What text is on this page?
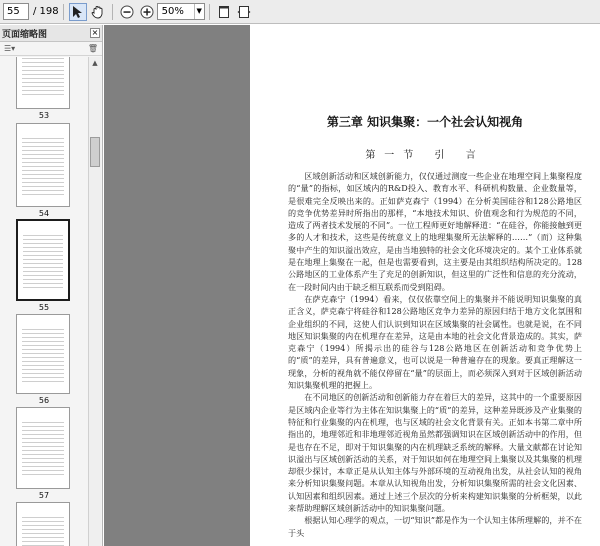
55	/ 198	50%	▼
页面缩略图	×
☰▾	🗑
53
54
55
56
57
▲
第三章 知识集聚：一个社会认知视角
第一节 引 言

区域创新活动和区域创新能力，仅仅通过测度一些企业在地理空间上集聚程度的“量”的指标，如区域内的R&D投入、教育水平、科研机构数量、企业数量等，是很难完全反映出来的。正如萨克森宁（1994）在分析美国硅谷和128公路地区的竞争优势差异时所指出的那样，“本地技术知识、价值观念和行为规范的不同，造成了两者技术发展的不同”。一位工程师更好地解释道：“在硅谷，你能接触到更多的人才和技术，这些是传统意义上的地理集聚所无法解释的……”（而）这种集聚中产生的知识溢出效应，是由当地独特的社会文化环境决定的。某个工业体系就是在地理上集聚在一起，但是也需要看到，这主要是由其组织结构所决定的。128公路地区的工业体系产生了充足的创新知识，但这里的广泛性和信息的充分流动，在一段时间内由于缺乏相互联系而受到阻碍。

在萨克森宁（1994）看来，仅仅依靠空间上的集聚并不能说明知识集聚的真正含义，萨克森宁将硅谷和128公路地区竞争力差异的原因归结于地方文化氛围和企业组织的不同，这使人们认识到知识在区域集聚的社会属性。也就是说，在不同地区知识集聚的内在机理存在差异，这是由本地的社会文化背景造成的。其实，萨克森宁（1994）所揭示出的硅谷与128公路地区在创新活动和竞争优势上的“质”的差异，具有普遍意义，也可以说是一种普遍存在的现象。要真正理解这一现象，分析的视角就不能仅停留在“量”的层面上，而必须深入到对于区域创新活动知识集聚机理的把握上。

在不同地区的创新活动和创新能力存在着巨大的差异，这其中的一个重要原因是区域内企业等行为主体在知识集聚上的“质”的差异，这种差异既涉及产业集聚的特征和行业集聚的内在机理，也与区域的社会文化背景有关。正如本书第二章中所指出的，地理邻近和非地理邻近视角虽然都强调知识在区域创新活动中的作用，但是也存在不足，即对于知识集聚的内在机理缺乏系统的解释。大量文献都在讨论知识溢出与区域创新活动的关系，对于知识如何在地理空间上集聚以及其集聚的机理却很少探讨，本章正是从认知主体与外部环境的互动视角出发，从社会认知的视角来分析知识集聚问题。本章从认知视角出发，分析知识集聚所需的社会文化因素、认知因素和组织因素。通过上述三个层次的分析来构建知识集聚的分析框架，以此来帮助理解区域创新活动中的知识集聚问题。

根据认知心理学的观点，一切“知识”都是作为一个认知主体所理解的，并不在于头
